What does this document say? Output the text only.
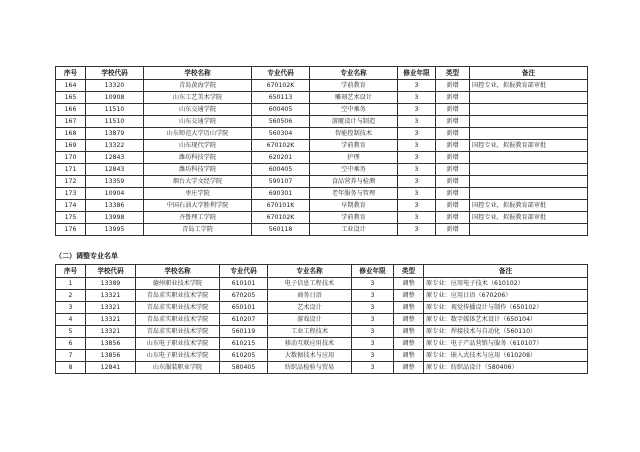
序号	学校代码	学校名称	专业代码	专业名称	修业年限	类型	备注
164	13320	青岛黄海学院	670102K	学前教育	3	新增	国控专业，拟报教育部审批
165	10908	山东工艺美术学院	650113	雕刻艺术设计	3	新增	
166	11510	山东交通学院	600405	空中乘务	3	新增	
167	11510	山东交通学院	560506	游艇设计与制造	3	新增	
168	13879	山东师范大学历山学院	560304	智能控制技术	3	新增	
169	13322	山东现代学院	670102K	学前教育	3	新增	国控专业，拟报教育部审批
170	12843	潍坊科技学院	620201	护理	3	新增	
171	12843	潍坊科技学院	600405	空中乘务	3	新增	
172	13359	烟台大学文经学院	590107	食品营养与检测	3	新增	
173	10904	枣庄学院	690301	老年服务与管理	3	新增	
174	13386	中国石油大学胜利学院	670101K	早期教育	3	新增	国控专业，拟报教育部审批
175	13998	齐鲁理工学院	670102K	学前教育	3	新增	国控专业，拟报教育部审批
176	13995	青岛工学院	560118	工业设计	3	新增	
（二）调整专业名单
序号	学校代码	学校名称	专业代码	专业名称	修业年限	类型	备注
1	13389	德州职业技术学院	610101	电子信息工程技术	3	调整	原专业：应用电子技术（610102）
2	13321	青岛求实职业技术学院	670205	商务日语	3	调整	原专业：应用日语（670206）
3	13321	青岛求实职业技术学院	650101	艺术设计	3	调整	原专业：视觉传播设计与制作（650102）
4	13321	青岛求实职业技术学院	610207	游戏设计	3	调整	原专业：数字媒体艺术设计（650104）
5	13321	青岛求实职业技术学院	560119	工业工程技术	3	调整	原专业：焊接技术与自动化（560110）
6	13856	山东电子职业技术学院	610215	移动互联应用技术	3	调整	原专业：电子产品营销与服务（610107）
7	13856	山东电子职业技术学院	610205	大数据技术与应用	3	调整	原专业：嵌入式技术与应用（610208）
8	12841	山东服装职业学院	580405	纺织品检验与贸易	3	调整	原专业：纺织品设计（580406）
